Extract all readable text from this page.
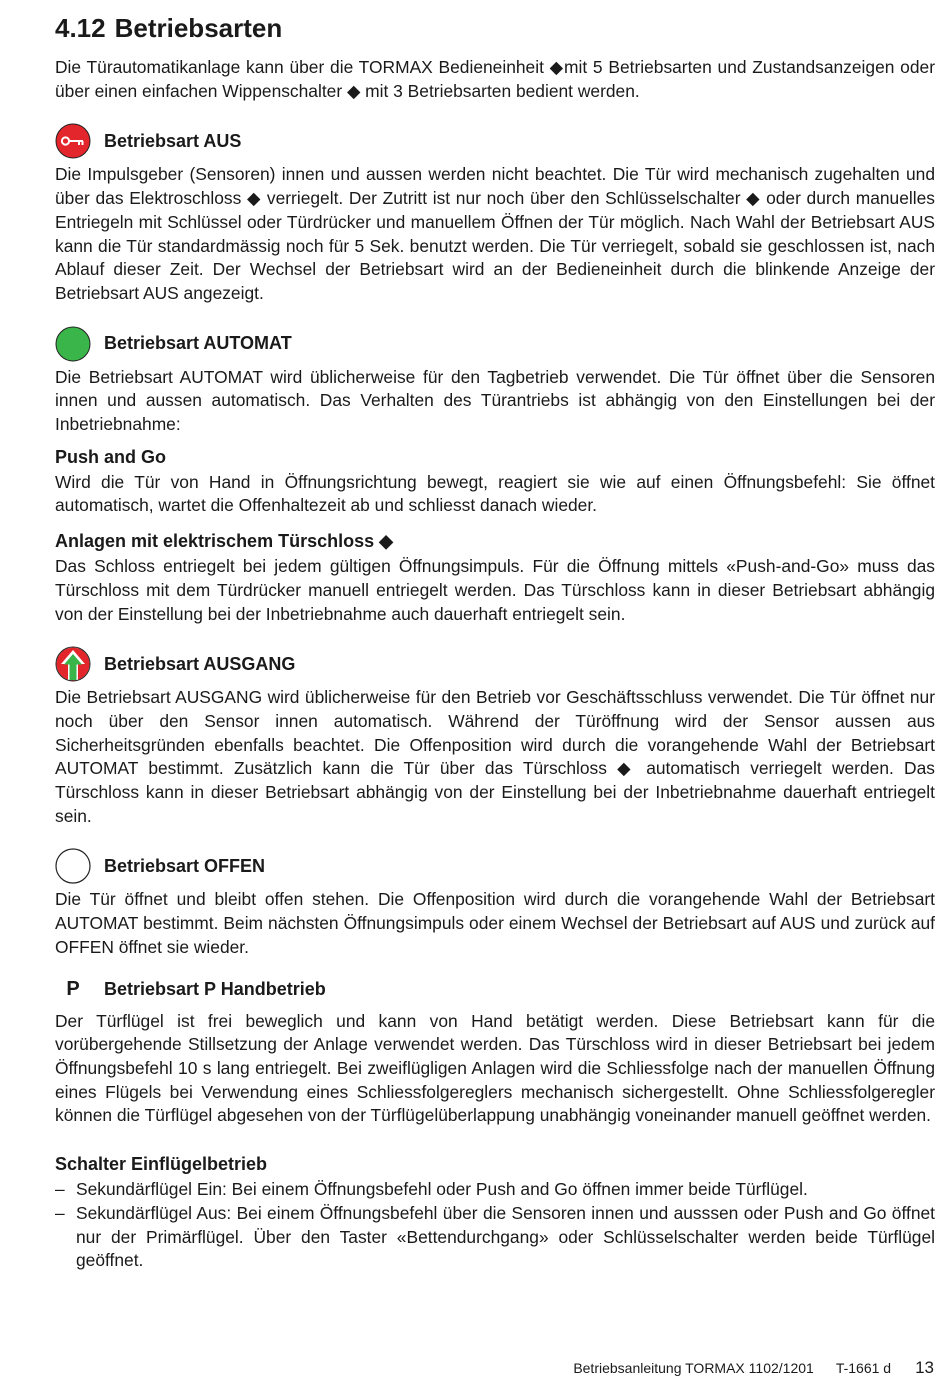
4.12 Betriebsarten

Die Türautomatikanlage kann über die TORMAX Bedieneinheit ◆mit 5 Betriebsarten und Zustandsanzeigen oder über einen einfachen Wippenschalter ◆ mit 3 Betriebsarten bedient werden.

Betriebsart AUS

Die Impulsgeber (Sensoren) innen und aussen werden nicht beachtet. Die Tür wird mechanisch zugehalten und über das Elektroschloss ◆ verriegelt. Der Zutritt ist nur noch über den Schlüsselschalter ◆ oder durch manuelles Entriegeln mit Schlüssel oder Türdrücker und manuellem Öffnen der Tür möglich. Nach Wahl der Betriebsart AUS kann die Tür standardmässig noch für 5 Sek. benutzt werden. Die Tür verriegelt, sobald sie geschlossen ist, nach Ablauf dieser Zeit. Der Wechsel der Betriebsart wird an der Bedieneinheit durch die blinkende Anzeige der Betriebsart AUS angezeigt.

Betriebsart AUTOMAT

Die Betriebsart AUTOMAT wird üblicherweise für den Tagbetrieb verwendet. Die Tür öffnet über die Sensoren innen und aussen automatisch. Das Verhalten des Türantriebs ist abhängig von den Einstellungen bei der Inbetriebnahme:

Push and Go

Wird die Tür von Hand in Öffnungsrichtung bewegt, reagiert sie wie auf einen Öffnungsbefehl: Sie öffnet automatisch, wartet die Offenhaltezeit ab und schliesst danach wieder.

Anlagen mit elektrischem Türschloss ◆

Das Schloss entriegelt bei jedem gültigen Öffnungsimpuls. Für die Öffnung mittels «Push-and-Go» muss das Türschloss mit dem Türdrücker manuell entriegelt werden. Das Türschloss kann in dieser Betriebsart abhängig von der Einstellung bei der Inbetriebnahme auch dauerhaft entriegelt sein.

Betriebsart AUSGANG

Die Betriebsart AUSGANG wird üblicherweise für den Betrieb vor Geschäftsschluss verwendet. Die Tür öffnet nur noch über den Sensor innen automatisch. Während der Türöffnung wird der Sensor aussen aus Sicherheitsgründen ebenfalls beachtet. Die Offenposition wird durch die vorangehende Wahl der Betriebsart AUTOMAT bestimmt. Zusätzlich kann die Tür über das Türschloss ◆ automatisch verriegelt werden. Das Türschloss kann in dieser Betriebsart abhängig von der Einstellung bei der Inbetriebnahme dauerhaft entriegelt sein.

Betriebsart OFFEN

Die Tür öffnet und bleibt offen stehen. Die Offenposition wird durch die vorangehende Wahl der Betriebsart AUTOMAT bestimmt. Beim nächsten Öffnungsimpuls oder einem Wechsel der Betriebsart auf AUS und zurück auf OFFEN öffnet sie wieder.

P	Betriebsart P Handbetrieb

Der Türflügel ist frei beweglich und kann von Hand betätigt werden. Diese Betriebsart kann für die vorübergehende Stillsetzung der Anlage verwendet werden. Das Türschloss wird in dieser Betriebsart bei jedem Öffnungsbefehl 10 s lang entriegelt. Bei zweiflügligen Anlagen wird die Schliessfolge nach der manuellen Öffnung eines Flügels bei Verwendung eines Schliessfolgereglers mechanisch sichergestellt. Ohne Schliessfolgeregler können die Türflügel abgesehen von der Türflügelüberlappung unabhängig voneinander manuell geöffnet werden.

Schalter Einflügelbetrieb
– Sekundärflügel Ein: Bei einem Öffnungsbefehl oder Push and Go öffnen immer beide Türflügel.
– Sekundärflügel Aus: Bei einem Öffnungsbefehl über die Sensoren innen und ausssen oder Push and Go öffnet nur der Primärflügel. Über den Taster «Bettendurchgang» oder Schlüsselschalter werden beide Türflügel geöffnet.
Betriebsanleitung TORMAX 1102/1201 T-1661 d 13
